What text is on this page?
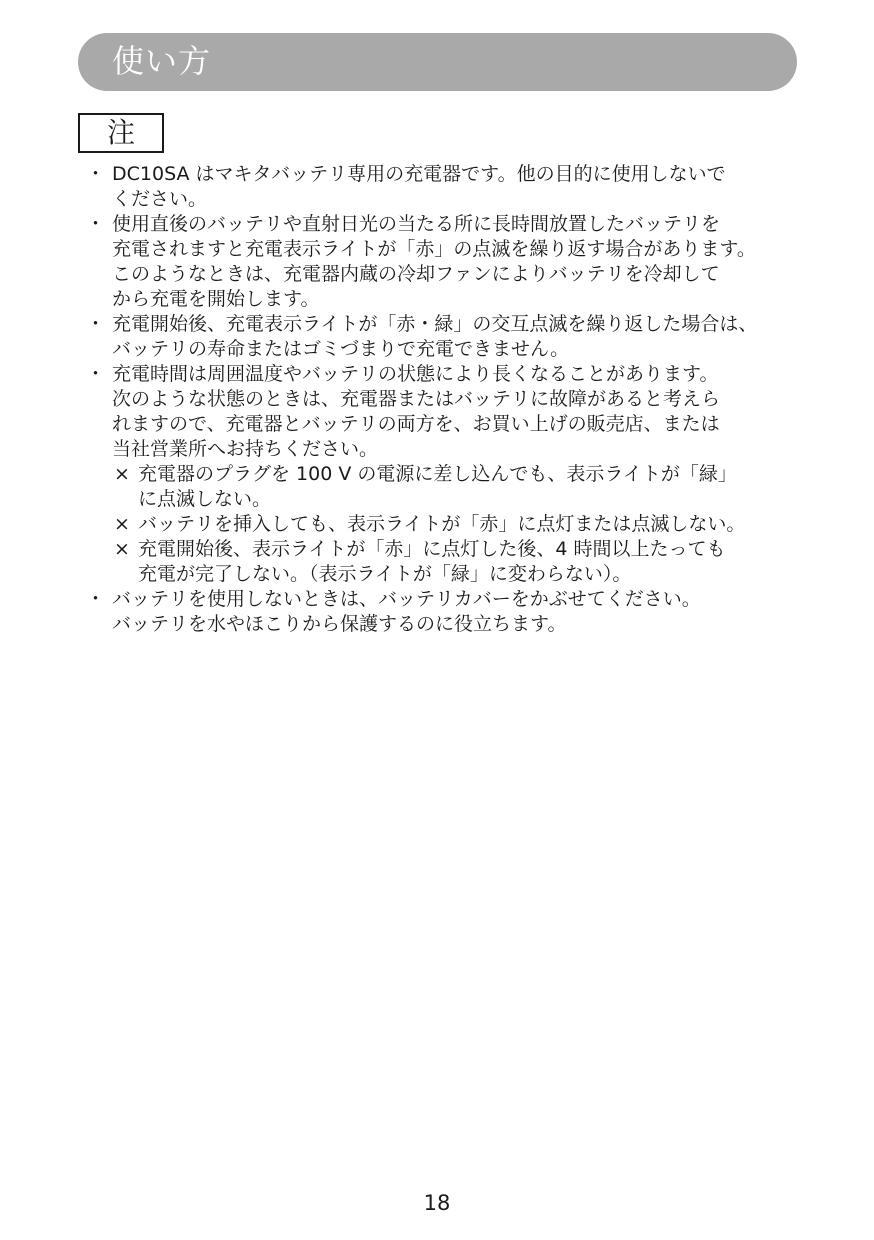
使い方
注
・ DC10SA はマキタバッテリ専用の充電器です。他の目的に使用しないで
ください。
・ 使用直後のバッテリや直射日光の当たる所に長時間放置したバッテリを
充電されますと充電表示ライトが「赤」の点滅を繰り返す場合があります。
このようなときは、充電器内蔵の冷却ファンによりバッテリを冷却して
から充電を開始します。
・ 充電開始後、充電表示ライトが「赤・緑」の交互点滅を繰り返した場合は、
バッテリの寿命またはゴミづまりで充電できません。
・ 充電時間は周囲温度やバッテリの状態により長くなることがあります。
次のような状態のときは、充電器またはバッテリに故障があると考えら
れますので、充電器とバッテリの両方を、お買い上げの販売店、または
当社営業所へお持ちください。
× 充電器のプラグを 100 V の電源に差し込んでも、表示ライトが「緑」
に点滅しない。
× バッテリを挿入しても、表示ライトが「赤」に点灯または点滅しない。
× 充電開始後、表示ライトが「赤」に点灯した後、4 時間以上たっても
充電が完了しない。（表示ライトが「緑」に変わらない）。
・ バッテリを使用しないときは、バッテリカバーをかぶせてください。
バッテリを水やほこりから保護するのに役立ちます。
18
